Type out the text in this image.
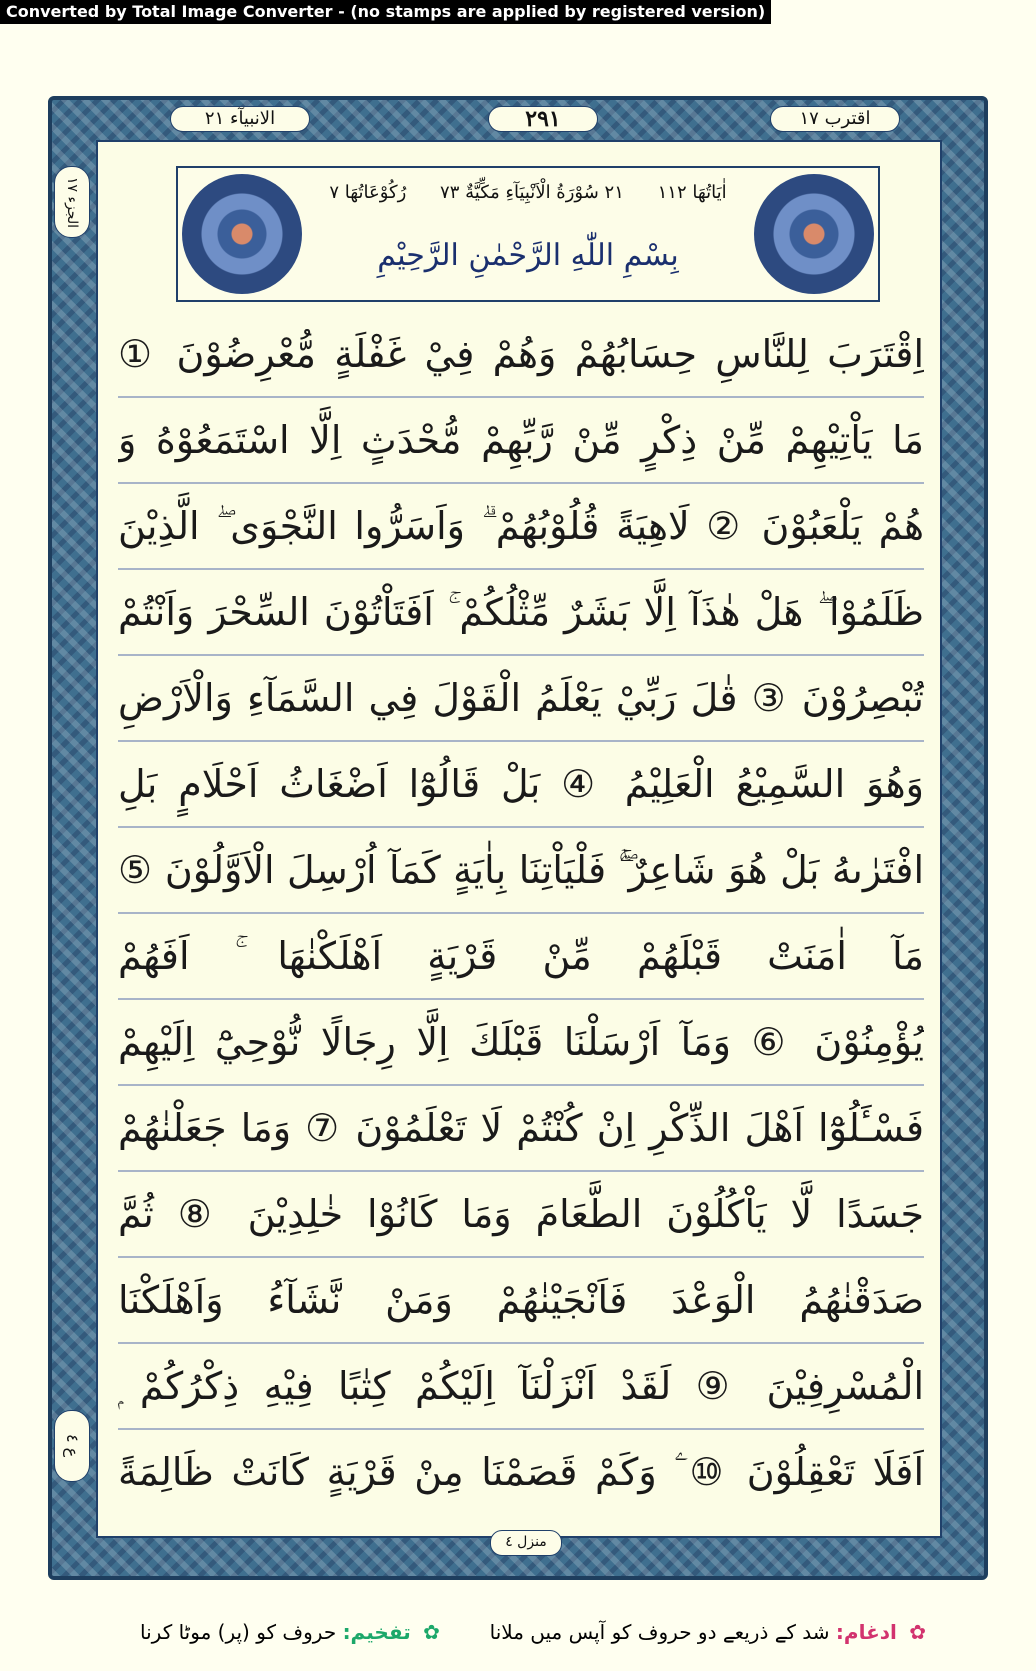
Converted by Total Image Converter - (no stamps are applied by registered version)
اقترب ١٧
٢٩١
الانبيآء ٢١
الجزء ١٧
ع ٤
اٰيَاتُهَا ١١٢ ٢١ سُوْرَةُ الْاَنْبِيَآءِ مَكِّيَّةٌ ٧٣ رُكُوْعَاتُهَا ٧
بِسْمِ اللّٰهِ الرَّحْمٰنِ الرَّحِيْمِ
اِقْتَرَبَ لِلنَّاسِ حِسَابُهُمْ وَهُمْ فِيْ غَفْلَةٍ مُّعْرِضُوْنَ ①
مَا يَاْتِيْهِمْ مِّنْ ذِكْرٍ مِّنْ رَّبِّهِمْ مُّحْدَثٍ اِلَّا اسْتَمَعُوْهُ وَ
هُمْ يَلْعَبُوْنَ ② لَاهِيَةً قُلُوْبُهُمْ ۗ وَاَسَرُّوا النَّجْوَى ۖ الَّذِيْنَ
ظَلَمُوْا ۖ هَلْ هٰذَآ اِلَّا بَشَرٌ مِّثْلُكُمْ ۚ اَفَتَاْتُوْنَ السِّحْرَ وَاَنْتُمْ
تُبْصِرُوْنَ ③ قٰلَ رَبِّيْ يَعْلَمُ الْقَوْلَ فِي السَّمَآءِ وَالْاَرْضِ
وَهُوَ السَّمِيْعُ الْعَلِيْمُ ④ بَلْ قَالُوْٓا اَضْغَاثُ اَحْلَامٍ بَلِ
افْتَرٰىهُ بَلْ هُوَ شَاعِرٌ ۚۖ فَلْيَاْتِنَا بِاٰيَةٍ كَمَآ اُرْسِلَ الْاَوَّلُوْنَ ⑤
مَآ اٰمَنَتْ قَبْلَهُمْ مِّنْ قَرْيَةٍ اَهْلَكْنٰهَا ۚ اَفَهُمْ
يُؤْمِنُوْنَ ⑥ وَمَآ اَرْسَلْنَا قَبْلَكَ اِلَّا رِجَالًا نُّوْحِيْٓ اِلَيْهِمْ
فَسْـَٔلُوْٓا اَهْلَ الذِّكْرِ اِنْ كُنْتُمْ لَا تَعْلَمُوْنَ ⑦ وَمَا جَعَلْنٰهُمْ
جَسَدًا لَّا يَاْكُلُوْنَ الطَّعَامَ وَمَا كَانُوْا خٰلِدِيْنَ ⑧ ثُمَّ
صَدَقْنٰهُمُ الْوَعْدَ فَاَنْجَيْنٰهُمْ وَمَنْ نَّشَآءُ وَاَهْلَكْنَا
الْمُسْرِفِيْنَ ⑨ لَقَدْ اَنْزَلْنَآ اِلَيْكُمْ كِتٰبًا فِيْهِ ذِكْرُكُمْ ۭ
اَفَلَا تَعْقِلُوْنَ ⑩ ۧ وَكَمْ قَصَمْنَا مِنْ قَرْيَةٍ كَانَتْ ظَالِمَةً
منزل ٤
✿ ادغام: شد کے ذریعے دو حروف کو آپس میں ملانا
✿ تفخیم: حروف کو (پر) موٹا کرنا
